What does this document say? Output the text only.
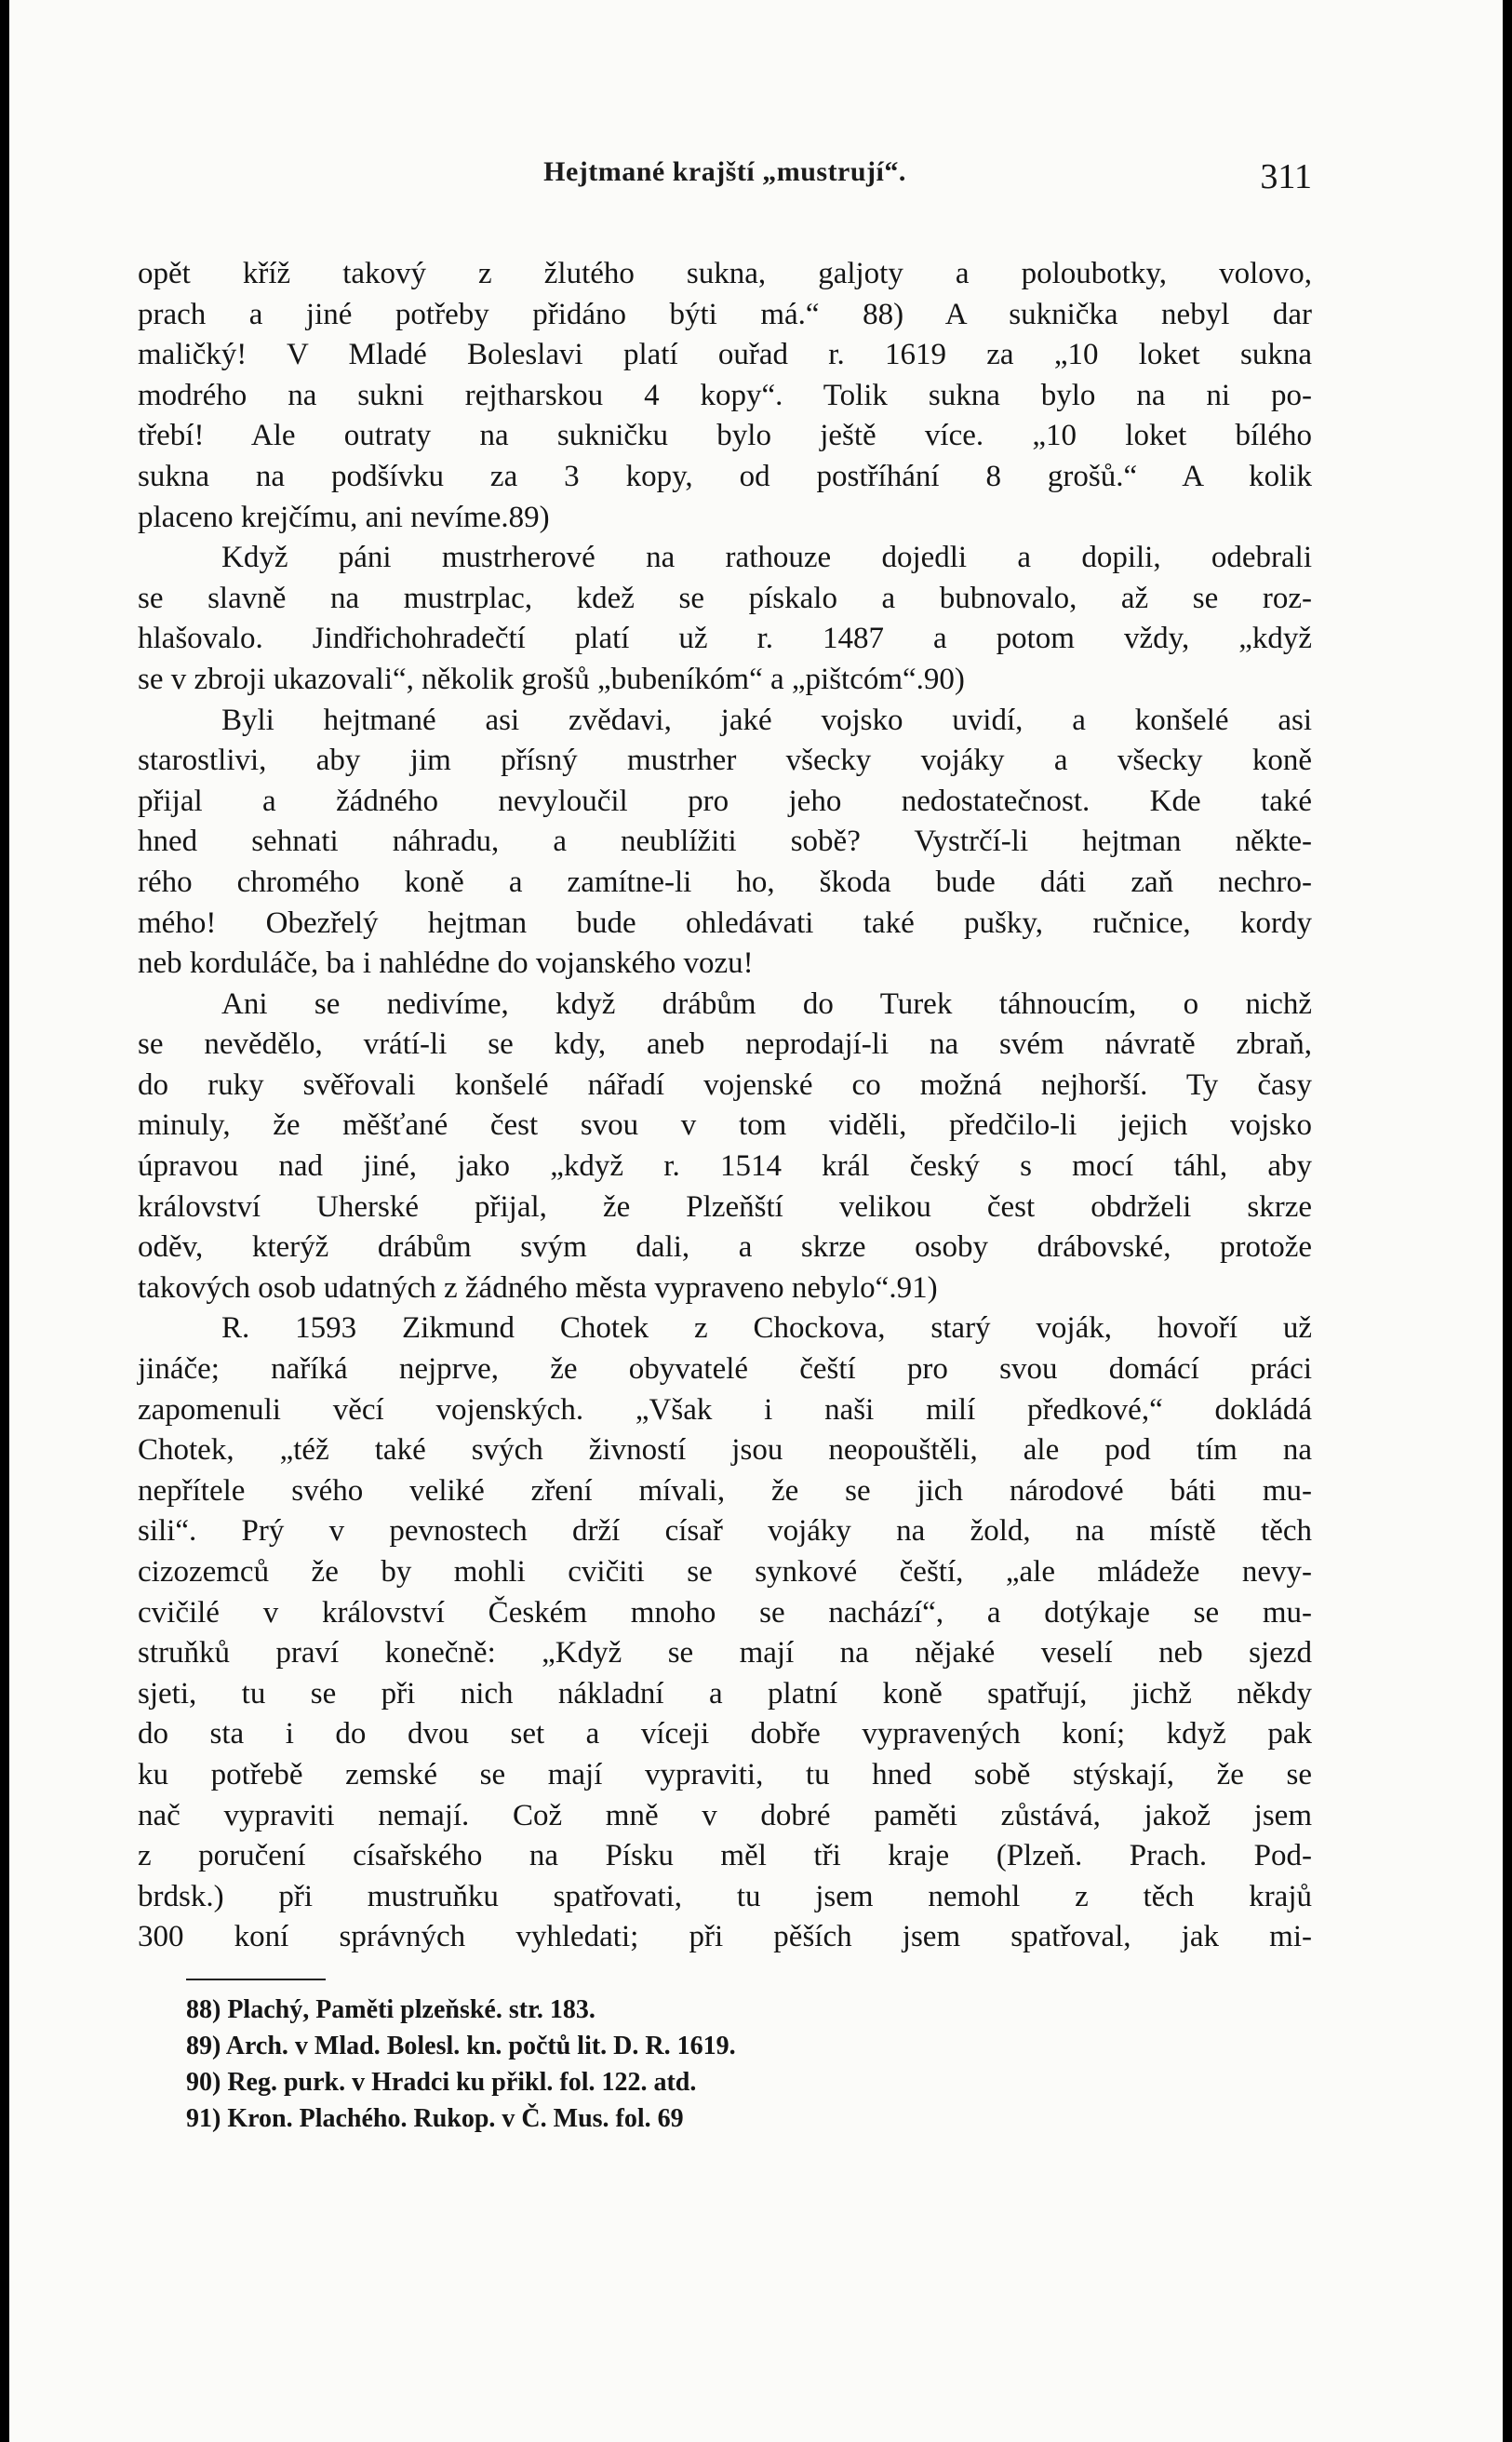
Hejtmané krajští „mustrují“.	311
opět kříž takový z žlutého sukna, galjoty a poloubotky, volovo,
prach a jiné potřeby přidáno býti má.“ 88) A suknička nebyl dar
maličký! V Mladé Boleslavi platí ouřad r. 1619 za „10 loket sukna
modrého na sukni rejtharskou 4 kopy“. Tolik sukna bylo na ni po-
třebí! Ale outraty na sukničku bylo ještě více. „10 loket bílého
sukna na podšívku za 3 kopy, od postříhání 8 grošů.“ A kolik
placeno krejčímu, ani nevíme.89)
Když páni mustrherové na rathouze dojedli a dopili, odebrali
se slavně na mustrplac, kdež se pískalo a bubnovalo, až se roz-
hlašovalo. Jindřichohradečtí platí už r. 1487 a potom vždy, „když
se v zbroji ukazovali“, několik grošů „bubeníkóm“ a „pištcóm“.90)
Byli hejtmané asi zvědavi, jaké vojsko uvidí, a konšelé asi
starostlivi, aby jim přísný mustrher všecky vojáky a všecky koně
přijal a žádného nevyloučil pro jeho nedostatečnost. Kde také
hned sehnati náhradu, a neublížiti sobě? Vystrčí-li hejtman někte-
rého chromého koně a zamítne-li ho, škoda bude dáti zaň nechro-
mého! Obezřelý hejtman bude ohledávati také pušky, ručnice, kordy
neb korduláče, ba i nahlédne do vojanského vozu!
Ani se nedivíme, když drábům do Turek táhnoucím, o nichž
se nevědělo, vrátí-li se kdy, aneb neprodají-li na svém návratě zbraň,
do ruky svěřovali konšelé nářadí vojenské co možná nejhorší. Ty časy
minuly, že měšťané čest svou v tom viděli, předčilo-li jejich vojsko
úpravou nad jiné, jako „když r. 1514 král český s mocí táhl, aby
království Uherské přijal, že Plzeňští velikou čest obdrželi skrze
oděv, kterýž drábům svým dali, a skrze osoby drábovské, protože
takových osob udatných z žádného města vypraveno nebylo“.91)
R. 1593 Zikmund Chotek z Chockova, starý voják, hovoří už
jináče; naříká nejprve, že obyvatelé čeští pro svou domácí práci
zapomenuli věcí vojenských. „Však i naši milí předkové,“ dokládá
Chotek, „též také svých živností jsou neopouštěli, ale pod tím na
nepřítele svého veliké zření mívali, že se jich národové báti mu-
sili“. Prý v pevnostech drží císař vojáky na žold, na místě těch
cizozemců že by mohli cvičiti se synkové čeští, „ale mládeže nevy-
cvičilé v království Českém mnoho se nachází“, a dotýkaje se mu-
struňků praví konečně: „Když se mají na nějaké veselí neb sjezd
sjeti, tu se při nich nákladní a platní koně spatřují, jichž někdy
do sta i do dvou set a víceji dobře vypravených koní; když pak
ku potřebě zemské se mají vypraviti, tu hned sobě stýskají, že se
nač vypraviti nemají. Což mně v dobré paměti zůstává, jakož jsem
z poručení císařského na Písku měl tři kraje (Plzeň. Prach. Pod-
brdsk.) při mustruňku spatřovati, tu jsem nemohl z těch krajů
300 koní správných vyhledati; při pěších jsem spatřoval, jak mi-
88) Plachý, Paměti plzeňské. str. 183.
89) Arch. v Mlad. Bolesl. kn. počtů lit. D. R. 1619.
90) Reg. purk. v Hradci ku přikl. fol. 122. atd.
91) Kron. Plachého. Rukop. v Č. Mus. fol. 69
